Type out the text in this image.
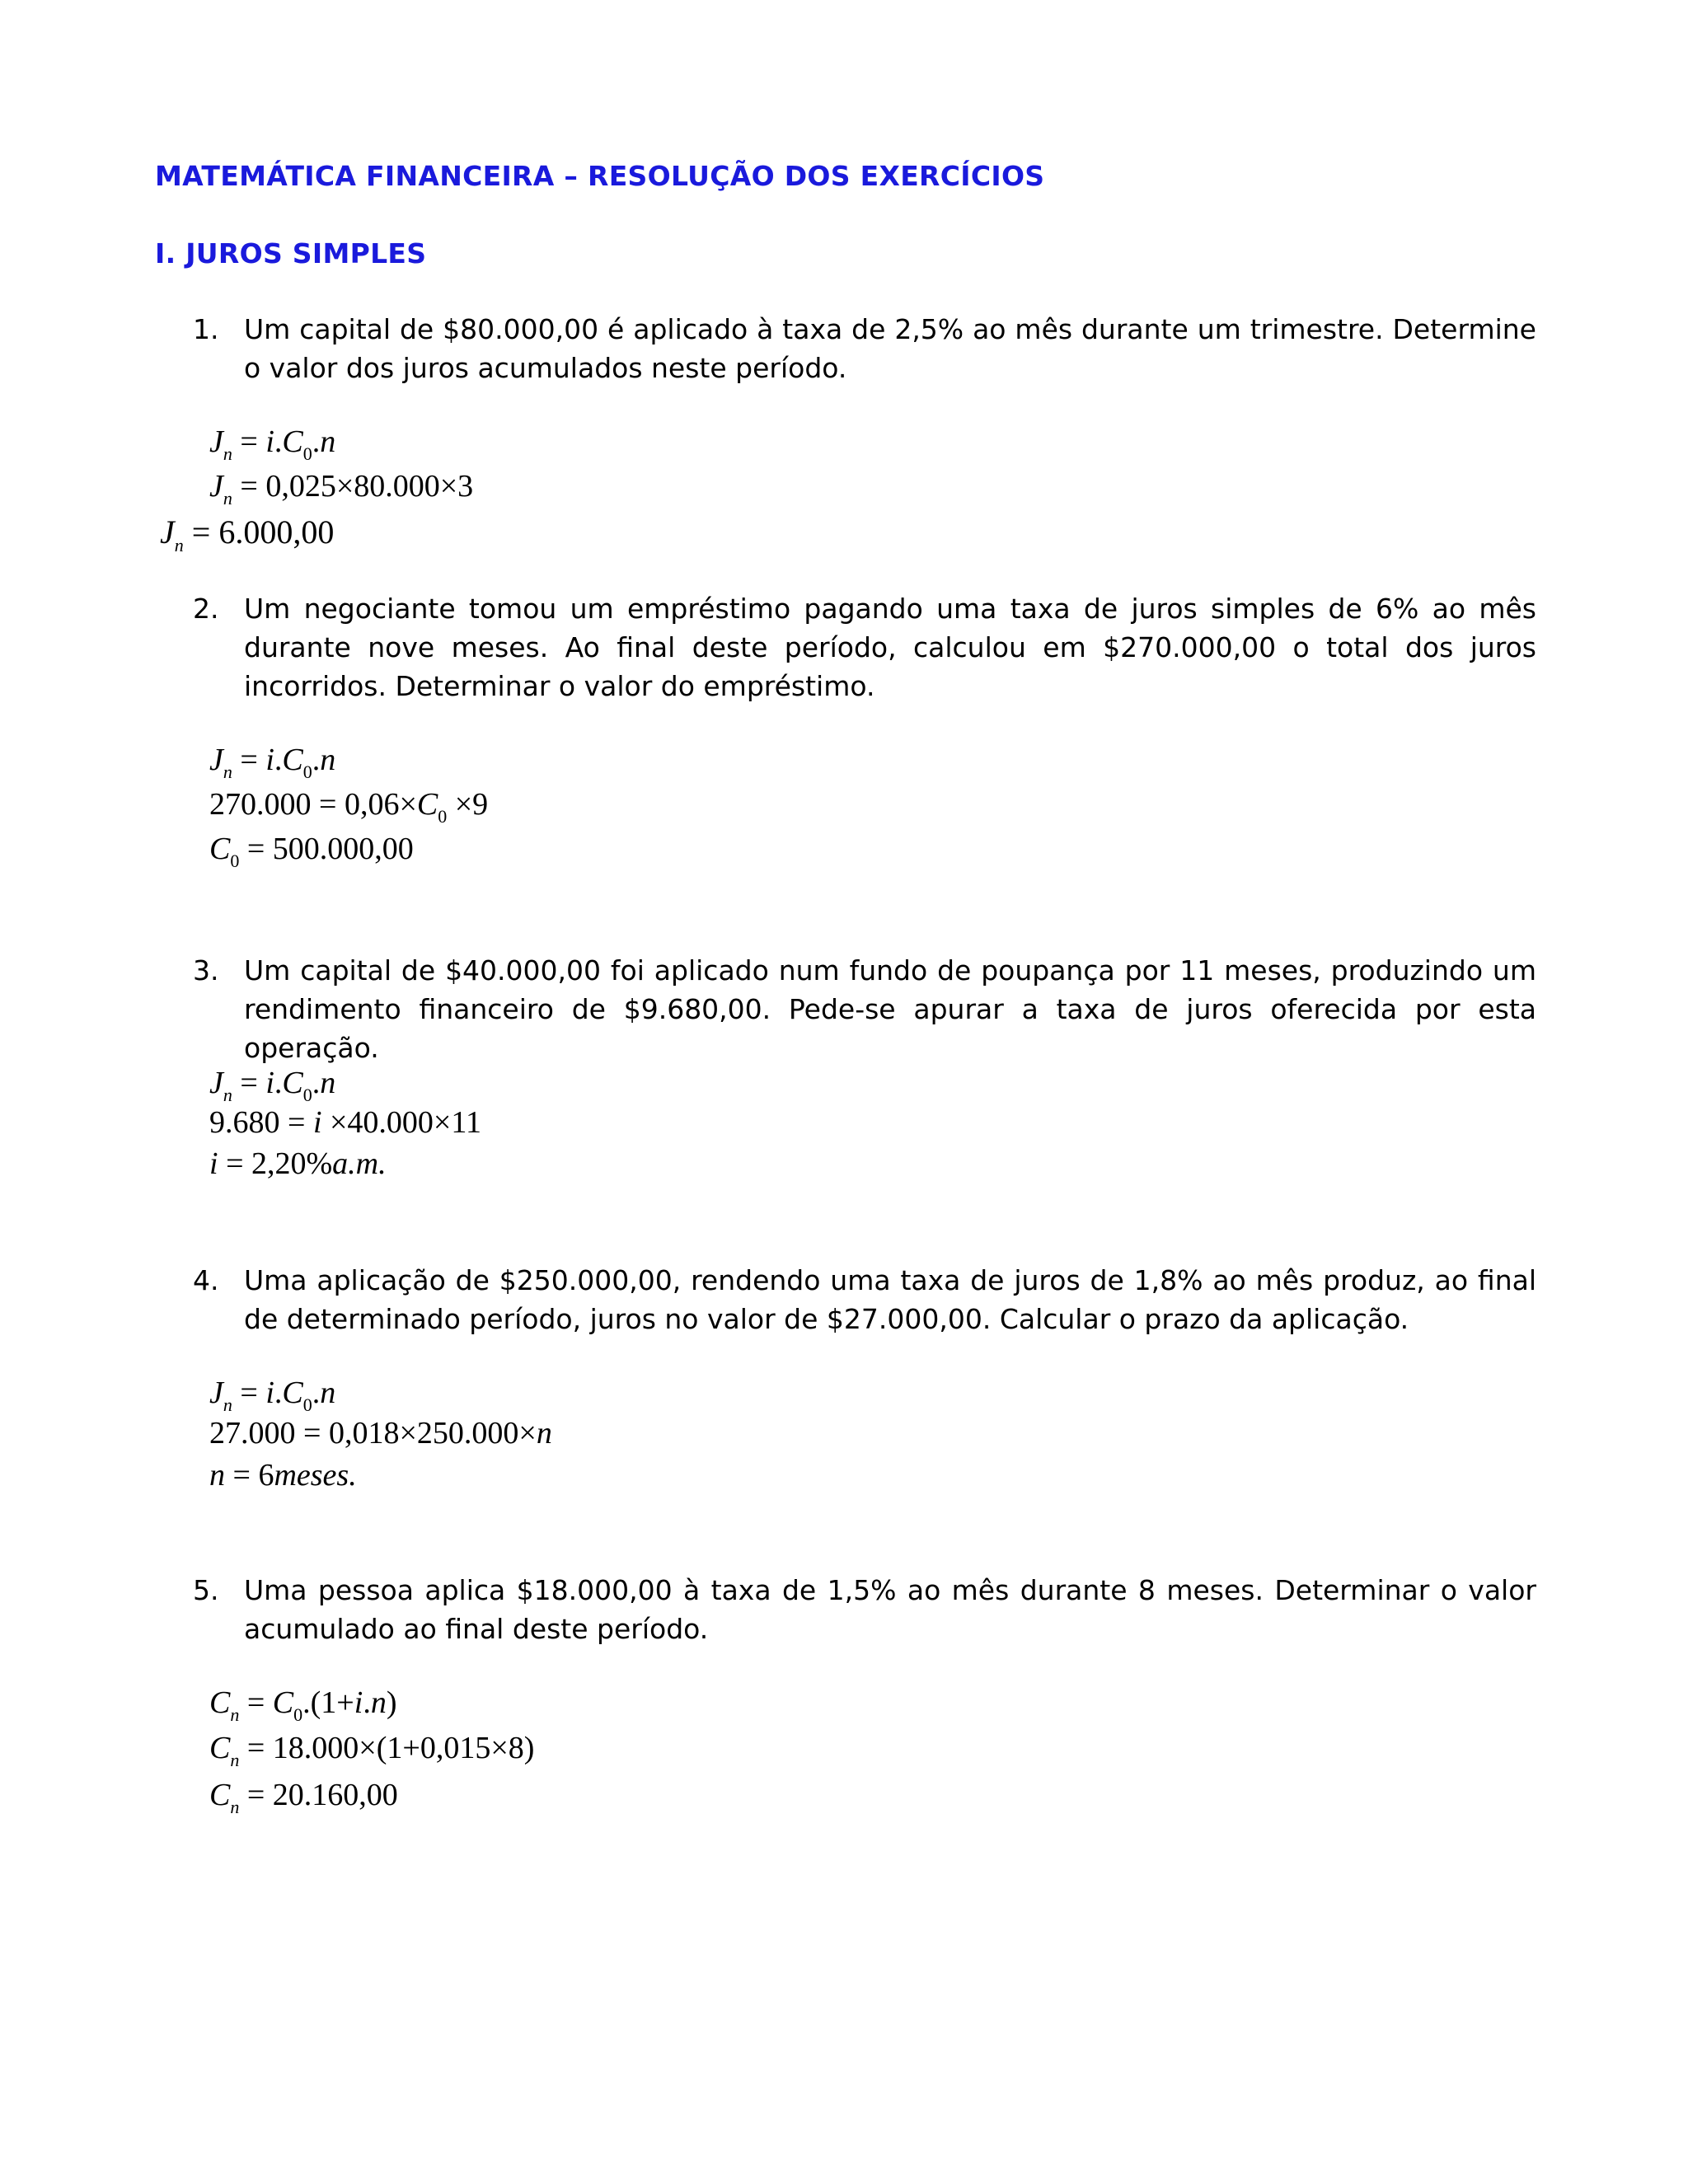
MATEMÁTICA FINANCEIRA – RESOLUÇÃO DOS EXERCÍCIOS
I. JUROS SIMPLES
1. Um capital de $80.000,00 é aplicado à taxa de 2,5% ao mês durante um trimestre. Determine o valor dos juros acumulados neste período.
$J_n = i.C_0.n$
$J_n = 0,025\times 80.000\times 3$
$J_n = 6.000,00$
2. Um negociante tomou um empréstimo pagando uma taxa de juros simples de 6% ao mês durante nove meses. Ao final deste período, calculou em $270.000,00 o total dos juros incorridos. Determinar o valor do empréstimo.
$J_n = i.C_0.n$
$270.000 = 0,06\times C_0 \times 9$
$C_0 = 500.000,00$
3. Um capital de $40.000,00 foi aplicado num fundo de poupança por 11 meses, produzindo um rendimento financeiro de $9.680,00. Pede-se apurar a taxa de juros oferecida por esta operação.
$J_n = i.C_0.n$
9.680 = i ×40.000×11
i = 2,20%a.m.
4. Uma aplicação de $250.000,00, rendendo uma taxa de juros de 1,8% ao mês produz, ao final de determinado período, juros no valor de $27.000,00. Calcular o prazo da aplicação.
$J_n = i.C_0.n$
27.000 = 0,018×250.000×n
n = 6meses.
5. Uma pessoa aplica $18.000,00 à taxa de 1,5% ao mês durante 8 meses. Determinar o valor acumulado ao final deste período.
$C_n = C_0.(1+i.n)$
$C_n = 18.000\times(1+0,015\times 8)$
$C_n = 20.160,00$
